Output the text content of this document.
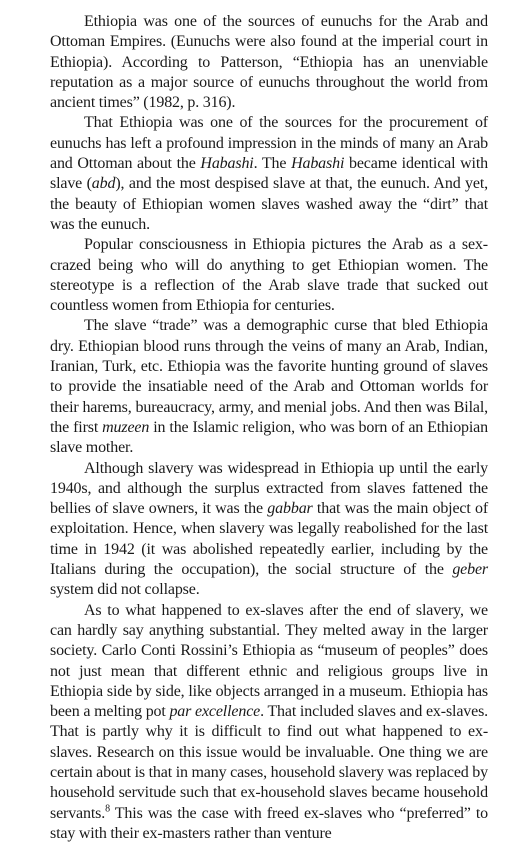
Ethiopia was one of the sources of eunuchs for the Arab and Ottoman Empires. (Eunuchs were also found at the imperial court in Ethiopia). According to Patterson, “Ethiopia has an unenviable reputation as a major source of eunuchs throughout the world from ancient times” (1982, p. 316).

That Ethiopia was one of the sources for the procurement of eunuchs has left a profound impression in the minds of many an Arab and Ottoman about the Habashi. The Habashi became identical with slave (abd), and the most despised slave at that, the eunuch. And yet, the beauty of Ethiopian women slaves washed away the “dirt” that was the eunuch.

Popular consciousness in Ethiopia pictures the Arab as a sex-crazed being who will do anything to get Ethiopian women. The stereotype is a reflection of the Arab slave trade that sucked out countless women from Ethiopia for centuries.

The slave “trade” was a demographic curse that bled Ethiopia dry. Ethiopian blood runs through the veins of many an Arab, Indian, Iranian, Turk, etc. Ethiopia was the favorite hunting ground of slaves to provide the insatiable need of the Arab and Ottoman worlds for their harems, bureaucracy, army, and menial jobs. And then was Bilal, the first muzeen in the Islamic religion, who was born of an Ethiopian slave mother.

Although slavery was widespread in Ethiopia up until the early 1940s, and although the surplus extracted from slaves fattened the bellies of slave owners, it was the gabbar that was the main object of exploitation. Hence, when slavery was legally reabolished for the last time in 1942 (it was abolished repeatedly earlier, including by the Italians during the occupation), the social structure of the geber system did not collapse.

As to what happened to ex-slaves after the end of slavery, we can hardly say anything substantial. They melted away in the larger society. Carlo Conti Rossini’s Ethiopia as “museum of peoples” does not just mean that different ethnic and religious groups live in Ethiopia side by side, like objects arranged in a museum. Ethiopia has been a melting pot par excellence. That included slaves and ex-slaves. That is partly why it is difficult to find out what happened to ex-slaves. Research on this issue would be invaluable. One thing we are certain about is that in many cases, household slavery was replaced by household servitude such that ex-household slaves became household servants.$^8$ This was the case with freed ex-slaves who “preferred” to stay with their ex-masters rather than venture
